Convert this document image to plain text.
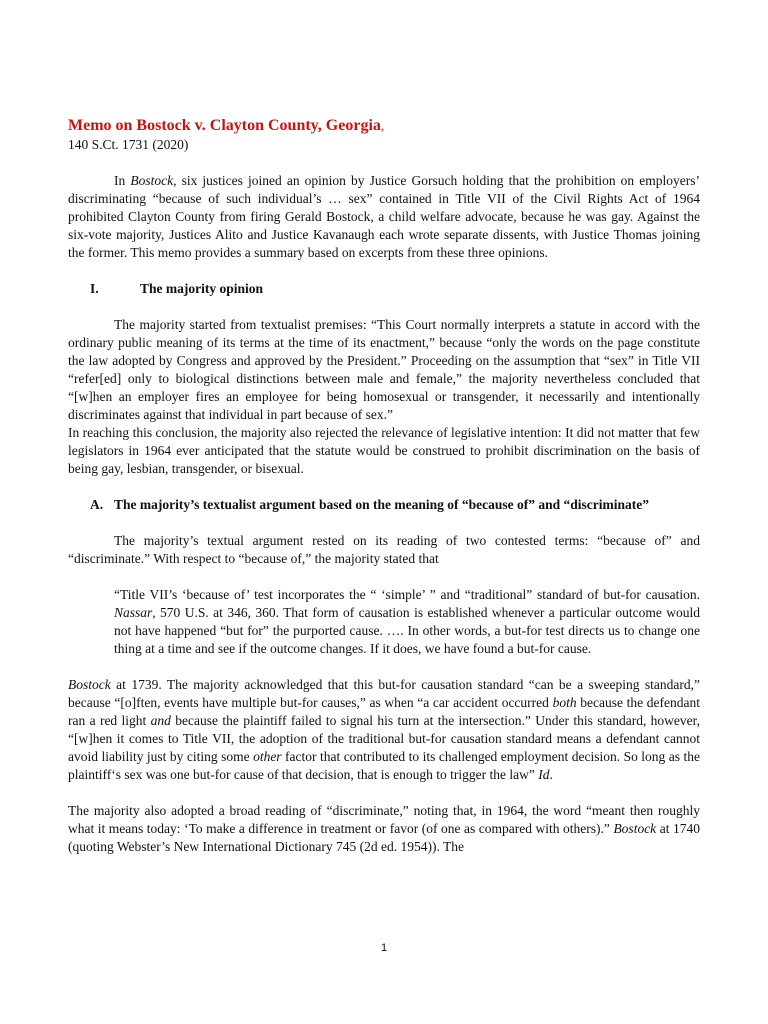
Memo on Bostock v. Clayton County, Georgia,

140 S.Ct. 1731 (2020)

In Bostock, six justices joined an opinion by Justice Gorsuch holding that the prohibition on employers’ discriminating “because of such individual’s … sex” contained in Title VII of the Civil Rights Act of 1964 prohibited Clayton County from firing Gerald Bostock, a child welfare advocate, because he was gay. Against the six-vote majority, Justices Alito and Justice Kavanaugh each wrote separate dissents, with Justice Thomas joining the former. This memo provides a summary based on excerpts from these three opinions.

I.	The majority opinion

The majority started from textualist premises: “This Court normally interprets a statute in accord with the ordinary public meaning of its terms at the time of its enactment,” because “only the words on the page constitute the law adopted by Congress and approved by the President.” Proceeding on the assumption that “sex” in Title VII “refer[ed] only to biological distinctions between male and female,” the majority nevertheless concluded that “[w]hen an employer fires an employee for being homosexual or transgender, it necessarily and intentionally discriminates against that individual in part because of sex.”

In reaching this conclusion, the majority also rejected the relevance of legislative intention: It did not matter that few legislators in 1964 ever anticipated that the statute would be construed to prohibit discrimination on the basis of being gay, lesbian, transgender, or bisexual.

A. The majority’s textualist argument based on the meaning of “because of” and “discriminate”

The majority’s textual argument rested on its reading of two contested terms: “because of” and “discriminate.” With respect to “because of,” the majority stated that

“Title VII’s ‘because of’ test incorporates the “ ‘simple’ ” and “traditional” standard of but-for causation. Nassar, 570 U.S. at 346, 360. That form of causation is established whenever a particular outcome would not have happened “but for” the purported cause. …. In other words, a but-for test directs us to change one thing at a time and see if the outcome changes. If it does, we have found a but-for cause.

Bostock at 1739. The majority acknowledged that this but-for causation standard “can be a sweeping standard,” because “[o]ften, events have multiple but-for causes,” as when “a car accident occurred both because the defendant ran a red light and because the plaintiff failed to signal his turn at the intersection.” Under this standard, however, “[w]hen it comes to Title VII, the adoption of the traditional but-for causation standard means a defendant cannot avoid liability just by citing some other factor that contributed to its challenged employment decision. So long as the plaintiff‘s sex was one but-for cause of that decision, that is enough to trigger the law” Id.

The majority also adopted a broad reading of “discriminate,” noting that, in 1964, the word “meant then roughly what it means today: ‘To make a difference in treatment or favor (of one as compared with others).” Bostock at 1740 (quoting Webster’s New International Dictionary 745 (2d ed. 1954)). The

1
